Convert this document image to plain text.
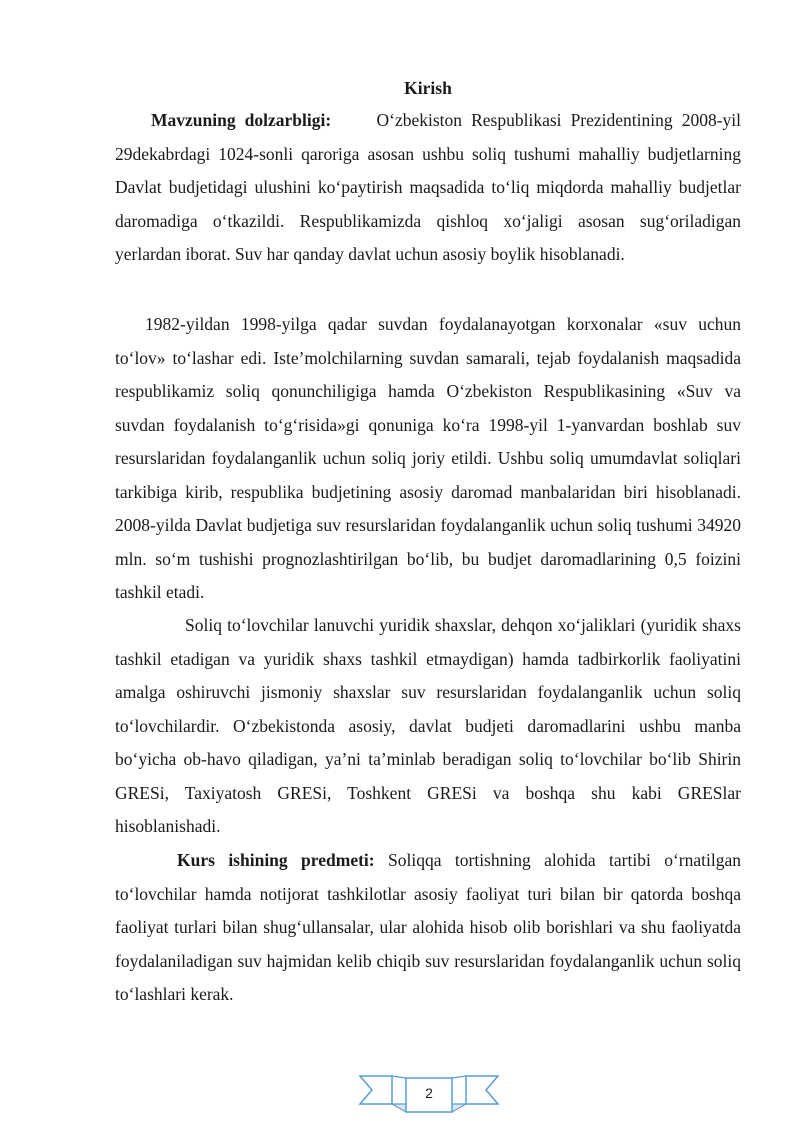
Kirish

Mavzuning dolzarbligi:	O‘zbekiston Respublikasi Prezidentining 2008-yil 29dekabrdagi 1024-sonli qaroriga asosan ushbu soliq tushumi mahalliy budjetlarning Davlat budjetidagi ulushini ko‘paytirish maqsadida to‘liq miqdorda mahalliy budjetlar daromadiga o‘tkazildi. Respublikamizda qishloq xo‘jaligi asosan sug‘oriladigan yerlardan iborat. Suv har qanday davlat uchun asosiy boylik hisoblanadi.

1982-yildan 1998-yilga qadar suvdan foydalanayotgan korxonalar «suv uchun to‘lov» to‘lashar edi. Iste’molchilarning suvdan samarali, tejab foydalanish maqsadida respublikamiz soliq qonunchiligiga hamda O‘zbekiston Respublikasining «Suv va suvdan foydalanish to‘g‘risida»gi qonuniga ko‘ra 1998-yil 1-yanvardan boshlab suv resurslaridan foydalanganlik uchun soliq joriy etildi. Ushbu soliq umumdavlat soliqlari tarkibiga kirib, respublika budjetining asosiy daromad manbalaridan biri hisoblanadi. 2008-yilda Davlat budjetiga suv resurslaridan foydalanganlik uchun soliq tushumi 34920 mln. so‘m tushishi prognozlashtirilgan bo‘lib, bu budjet daromadlarining 0,5 foizini tashkil etadi.

Soliq to‘lovchilar lanuvchi yuridik shaxslar, dehqon xo‘jaliklari (yuridik shaxs tashkil etadigan va yuridik shaxs tashkil etmaydigan) hamda tadbirkorlik faoliyatini amalga oshiruvchi jismoniy shaxslar suv resurslaridan foydalanganlik uchun soliq to‘lovchilardir. O‘zbekistonda asosiy, davlat budjeti daromadlarini ushbu manba bo‘yicha ob-havo qiladigan, ya’ni ta’minlab beradigan soliq to‘lovchilar bo‘lib Shirin GRESi, Taxiyatosh GRESi, Toshkent GRESi va boshqa shu kabi GRESlar hisoblanishadi.

Kurs ishining predmeti: Soliqqa tortishning alohida tartibi o‘rnatilgan to‘lovchilar hamda notijorat tashkilotlar asosiy faoliyat turi bilan bir qatorda boshqa faoliyat turlari bilan shug‘ullansalar, ular alohida hisob olib borishlari va shu faoliyatda foydalaniladigan suv hajmidan kelib chiqib suv resurslaridan foydalanganlik uchun soliq to‘lashlari kerak.

2
